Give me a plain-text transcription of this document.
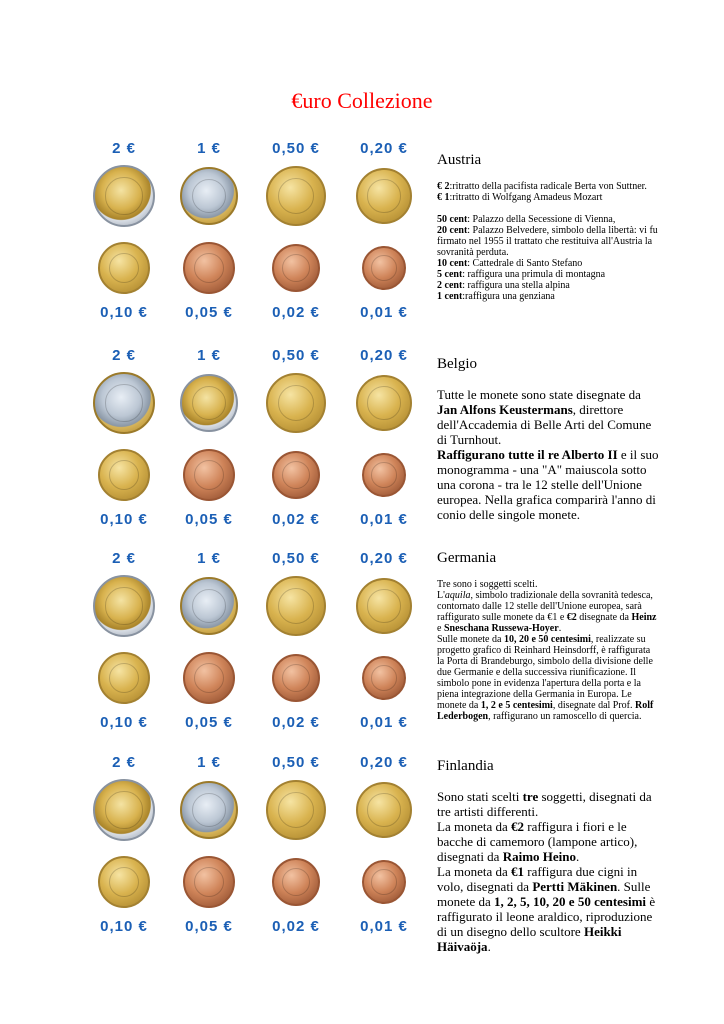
€uro Collezione
2 €	1 €	0,50 €	0,20 €
0,10 €	0,05 €	0,02 €	0,01 €
2 €	1 €	0,50 €	0,20 €
0,10 €	0,05 €	0,02 €	0,01 €
2 €	1 €	0,50 €	0,20 €
0,10 €	0,05 €	0,02 €	0,01 €
2 €	1 €	0,50 €	0,20 €
0,10 €	0,05 €	0,02 €	0,01 €
Austria
€ 2:ritratto della pacifista radicale Berta von Suttner.
€ 1:ritratto di Wolfgang Amadeus Mozart
50 cent: Palazzo della Secessione di Vienna,
20 cent: Palazzo Belvedere, simbolo della libertà: vi fu firmato nel 1955 il trattato che restituiva all'Austria la sovranità perduta.
10 cent: Cattedrale di Santo Stefano
5 cent: raffigura una primula di montagna
2 cent: raffigura una stella alpina
1 cent:raffigura una genziana
Belgio
Tutte le monete sono state disegnate da Jan Alfons Keustermans, direttore dell'Accademia di Belle Arti del Comune di Turnhout.
Raffigurano tutte il re Alberto II e il suo monogramma - una "A" maiuscola sotto una corona - tra le 12 stelle dell'Unione europea. Nella grafica comparirà l'anno di conio delle singole monete.
Germania
Tre sono i soggetti scelti.
L'aquila, simbolo tradizionale della sovranità tedesca, contornato dalle 12 stelle dell'Unione europea, sarà raffigurato sulle monete da €1 e €2 disegnate da Heinz e Sneschana Russewa-Hoyer.
Sulle monete da 10, 20 e 50 centesimi, realizzate su progetto grafico di Reinhard Heinsdorff, è raffigurata la Porta di Brandeburgo, simbolo della divisione delle due Germanie e della successiva riunificazione. Il simbolo pone in evidenza l'apertura della porta e la piena integrazione della Germania in Europa. Le monete da 1, 2 e 5 centesimi, disegnate dal Prof. Rolf Lederbogen, raffigurano un ramoscello di quercia.
Finlandia
Sono stati scelti tre soggetti, disegnati da tre artisti differenti.
La moneta da €2 raffigura i fiori e le bacche di camemoro (lampone artico), disegnati da Raimo Heino.
La moneta da €1 raffigura due cigni in volo, disegnati da Pertti Mäkinen. Sulle monete da 1, 2, 5, 10, 20 e 50 centesimi è raffigurato il leone araldico, riproduzione di un disegno dello scultore Heikki Häivaöja.
